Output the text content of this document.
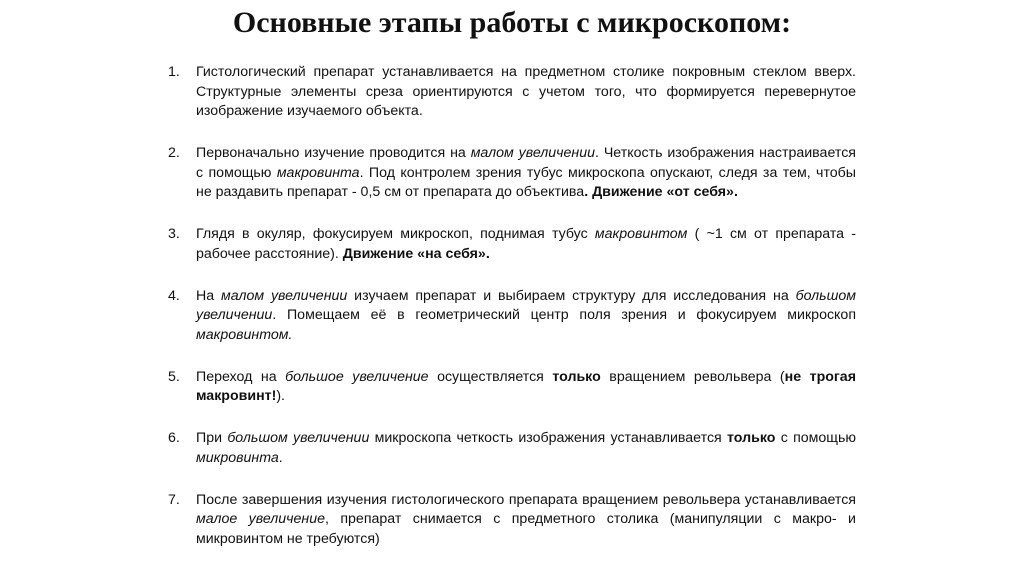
Основные этапы работы с микроскопом:
1. Гистологический препарат устанавливается на предметном столике покровным стеклом вверх. Структурные элементы среза ориентируются с учетом того, что формируется перевернутое изображение изучаемого объекта.
2. Первоначально изучение проводится на малом увеличении. Четкость изображения настраивается с помощью макровинта. Под контролем зрения тубус микроскопа опускают, следя за тем, чтобы не раздавить препарат - 0,5 см от препарата до объектива. Движение «от себя».
3. Глядя в окуляр, фокусируем микроскоп, поднимая тубус макровинтом ( ~1 см от препарата - рабочее расстояние). Движение «на себя».
4. На малом увеличении изучаем препарат и выбираем структуру для исследования на большом увеличении. Помещаем её в геометрический центр поля зрения и фокусируем микроскоп макровинтом.
5. Переход на большое увеличение осуществляется только вращением револьвера (не трогая макровинт!).
6. При большом увеличении микроскопа четкость изображения устанавливается только с помощью микровинта.
7. После завершения изучения гистологического препарата вращением револьвера устанавливается малое увеличение, препарат снимается с предметного столика (манипуляции с макро- и микровинтом не требуются)
